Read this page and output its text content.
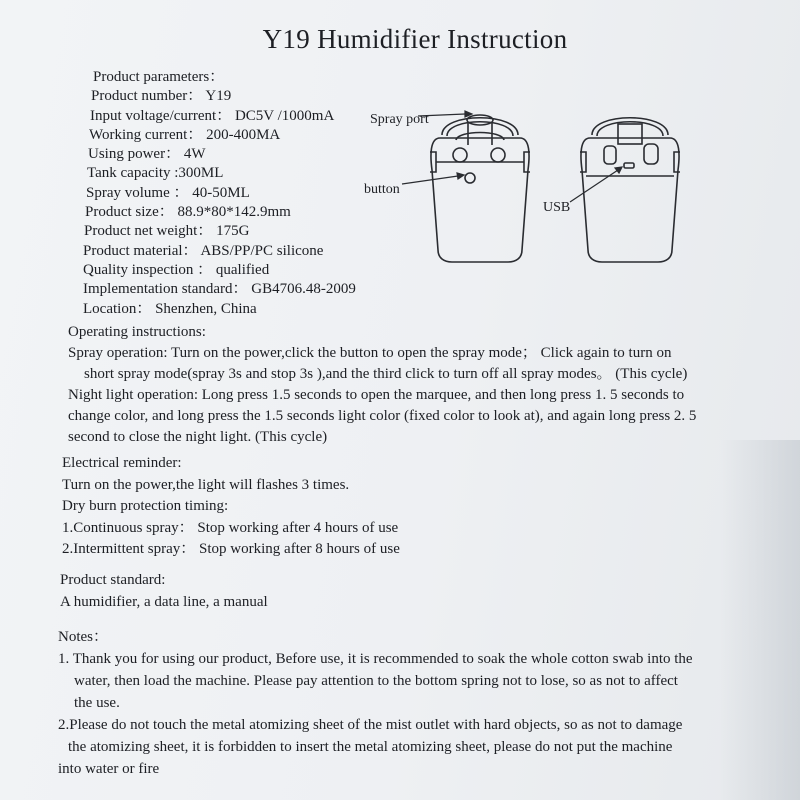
Y19 Humidifier Instruction
Product parameters：
Product number： Y19
Input voltage/current： DC5V /1000mA
Working current： 200-400MA
Using power： 4W
Tank capacity :300ML
Spray volume ： 40-50ML
Product size： 88.9*80*142.9mm
Product net weight： 175G
Product material： ABS/PP/PC silicone
Quality inspection ： qualified
Implementation standard： GB4706.48-2009
Location： Shenzhen, China
Spray port
button
USB

Operating instructions:

Spray operation: Turn on the power,click the button to open the spray mode； Click again to turn on

short spray mode(spray 3s and stop 3s ),and the third click to turn off all spray modes。 (This cycle)

Night light operation: Long press 1.5 seconds to open the marquee, and then long press 1. 5 seconds to

change color, and long press the 1.5 seconds light color (fixed color to look at), and again long press 2. 5

second to close the night light. (This cycle)

Electrical reminder:

Turn on the power,the light will flashes 3 times.

Dry burn protection timing:

1.Continuous spray： Stop working after 4 hours of use

2.Intermittent spray： Stop working after 8 hours of use

Product standard:

A humidifier, a data line, a manual

Notes：

1. Thank you for using our product, Before use, it is recommended to soak the whole cotton swab into the

water, then load the machine. Please pay attention to the bottom spring not to lose, so as not to affect

the use.

2.Please do not touch the metal atomizing sheet of the mist outlet with hard objects, so as not to damage

the atomizing sheet, it is forbidden to insert the metal atomizing sheet, please do not put the machine

into water or fire
